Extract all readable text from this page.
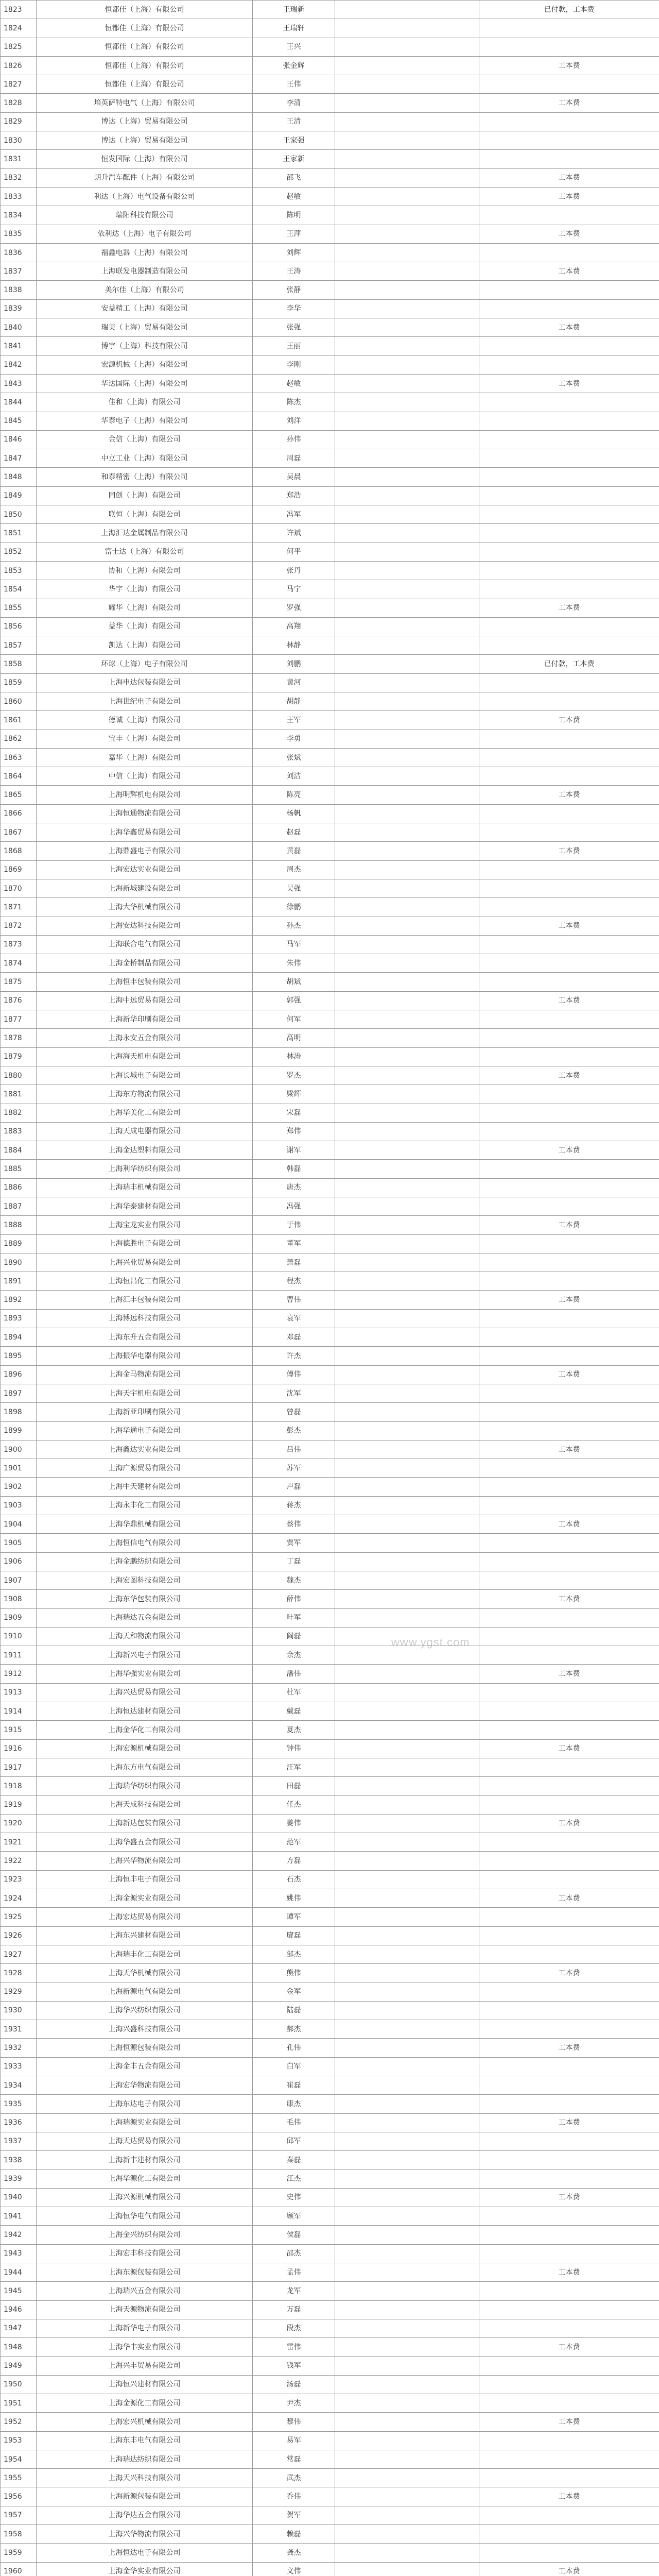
1823	恒都佳（上海）有限公司	王瑞新		已付款，工本费
1824	恒都佳（上海）有限公司	王瑞轩		
1825	恒都佳（上海）有限公司	王兴		
1826	恒都佳（上海）有限公司	张金辉		工本费
1827	恒都佳（上海）有限公司	王伟		
1828	培英萨特电气（上海）有限公司	李清		工本费
1829	博达（上海）贸易有限公司	王清		
1830	博达（上海）贸易有限公司	王家强		
1831	恒发国际（上海）有限公司	王家新		
1832	朗升汽车配件（上海）有限公司	邵飞		工本费
1833	利达（上海）电气设备有限公司	赵敏		工本费
1834	瑞阳科技有限公司	陈明		
1835	依利达（上海）电子有限公司	王萍		工本费
1836	福鑫电器（上海）有限公司	刘辉		
1837	上海联发电器制造有限公司	王涛		工本费
1838	美尔佳（上海）有限公司	张静		
1839	安益精工（上海）有限公司	李华		
1840	瑞美（上海）贸易有限公司	张强		工本费
1841	博宇（上海）科技有限公司	王丽		
1842	宏源机械（上海）有限公司	李刚		
1843	华达国际（上海）有限公司	赵敏		工本费
1844	佳和（上海）有限公司	陈杰		
1845	华泰电子（上海）有限公司	刘洋		
1846	金信（上海）有限公司	孙伟		
1847	中立工业（上海）有限公司	周磊		
1848	和泰精密（上海）有限公司	吴晨		
1849	同创（上海）有限公司	郑浩		
1850	联恒（上海）有限公司	冯军		
1851	上海汇达金属制品有限公司	许斌		
1852	富士达（上海）有限公司	何平		
1853	协和（上海）有限公司	张丹		
1854	华宇（上海）有限公司	马宁		
1855	耀华（上海）有限公司	罗强		工本费
1856	益华（上海）有限公司	高翔		
1857	凯达（上海）有限公司	林静		
1858	环球（上海）电子有限公司	刘鹏		已付款，工本费
1859	上海申达包装有限公司	黄河		
1860	上海世纪电子有限公司	胡静		
1861	德诚（上海）有限公司	王军		工本费
1862	宝丰（上海）有限公司	李勇		
1863	嘉华（上海）有限公司	张斌		
1864	中信（上海）有限公司	刘洁		
1865	上海明辉机电有限公司	陈亮		工本费
1866	上海恒通物流有限公司	杨帆		
1867	上海华鑫贸易有限公司	赵磊		
1868	上海鼎盛电子有限公司	黄磊		工本费
1869	上海宏达实业有限公司	周杰		
1870	上海新城建设有限公司	吴强		
1871	上海大华机械有限公司	徐鹏		
1872	上海安达科技有限公司	孙杰		工本费
1873	上海联合电气有限公司	马军		
1874	上海金桥制品有限公司	朱伟		
1875	上海恒丰包装有限公司	胡斌		
1876	上海中远贸易有限公司	郭强		工本费
1877	上海新华印刷有限公司	何军		
1878	上海永安五金有限公司	高明		
1879	上海海天机电有限公司	林涛		
1880	上海长城电子有限公司	罗杰		工本费
1881	上海东方物流有限公司	梁辉		
1882	上海华美化工有限公司	宋磊		
1883	上海天成电器有限公司	郑伟		
1884	上海金达塑料有限公司	谢军		工本费
1885	上海利华纺织有限公司	韩磊		
1886	上海瑞丰机械有限公司	唐杰		
1887	上海华泰建材有限公司	冯强		
1888	上海宝龙实业有限公司	于伟		工本费
1889	上海德胜电子有限公司	董军		
1890	上海兴业贸易有限公司	萧磊		
1891	上海恒昌化工有限公司	程杰		
1892	上海汇丰包装有限公司	曹伟		工本费
1893	上海博远科技有限公司	袁军		
1894	上海东升五金有限公司	邓磊		
1895	上海振华电器有限公司	许杰		
1896	上海金马物流有限公司	傅伟		工本费
1897	上海天宇机电有限公司	沈军		
1898	上海新亚印刷有限公司	曾磊		
1899	上海华通电子有限公司	彭杰		
1900	上海鑫达实业有限公司	吕伟		工本费
1901	上海广源贸易有限公司	苏军		
1902	上海中天建材有限公司	卢磊		
1903	上海永丰化工有限公司	蒋杰		
1904	上海华鼎机械有限公司	蔡伟		工本费
1905	上海恒信电气有限公司	贾军		
1906	上海金鹏纺织有限公司	丁磊		
1907	上海宏图科技有限公司	魏杰		
1908	上海东华包装有限公司	薛伟		工本费
1909	上海瑞达五金有限公司	叶军		
1910	上海天和物流有限公司	阎磊		
1911	上海新兴电子有限公司	余杰		
1912	上海华强实业有限公司	潘伟		工本费
1913	上海兴达贸易有限公司	杜军		
1914	上海恒达建材有限公司	戴磊		
1915	上海金华化工有限公司	夏杰		
1916	上海宏源机械有限公司	钟伟		工本费
1917	上海东方电气有限公司	汪军		
1918	上海瑞华纺织有限公司	田磊		
1919	上海天成科技有限公司	任杰		
1920	上海新达包装有限公司	姜伟		工本费
1921	上海华盛五金有限公司	范军		
1922	上海兴华物流有限公司	方磊		
1923	上海恒丰电子有限公司	石杰		
1924	上海金源实业有限公司	姚伟		工本费
1925	上海宏达贸易有限公司	谭军		
1926	上海东兴建材有限公司	廖磊		
1927	上海瑞丰化工有限公司	邹杰		
1928	上海天华机械有限公司	熊伟		工本费
1929	上海新源电气有限公司	金军		
1930	上海华兴纺织有限公司	陆磊		
1931	上海兴盛科技有限公司	郝杰		
1932	上海恒源包装有限公司	孔伟		工本费
1933	上海金丰五金有限公司	白军		
1934	上海宏华物流有限公司	崔磊		
1935	上海东达电子有限公司	康杰		
1936	上海瑞源实业有限公司	毛伟		工本费
1937	上海天达贸易有限公司	邱军		
1938	上海新丰建材有限公司	秦磊		
1939	上海华源化工有限公司	江杰		
1940	上海兴源机械有限公司	史伟		工本费
1941	上海恒华电气有限公司	顾军		
1942	上海金兴纺织有限公司	侯磊		
1943	上海宏丰科技有限公司	邵杰		
1944	上海东源包装有限公司	孟伟		工本费
1945	上海瑞兴五金有限公司	龙军		
1946	上海天源物流有限公司	万磊		
1947	上海新华电子有限公司	段杰		
1948	上海华丰实业有限公司	雷伟		工本费
1949	上海兴丰贸易有限公司	钱军		
1950	上海恒兴建材有限公司	汤磊		
1951	上海金源化工有限公司	尹杰		
1952	上海宏兴机械有限公司	黎伟		工本费
1953	上海东丰电气有限公司	易军		
1954	上海瑞达纺织有限公司	常磊		
1955	上海天兴科技有限公司	武杰		
1956	上海新源包装有限公司	乔伟		工本费
1957	上海华达五金有限公司	贺军		
1958	上海兴华物流有限公司	赖磊		
1959	上海恒达电子有限公司	龚杰		
1960	上海金华实业有限公司	文伟		工本费

www.ygst.com
